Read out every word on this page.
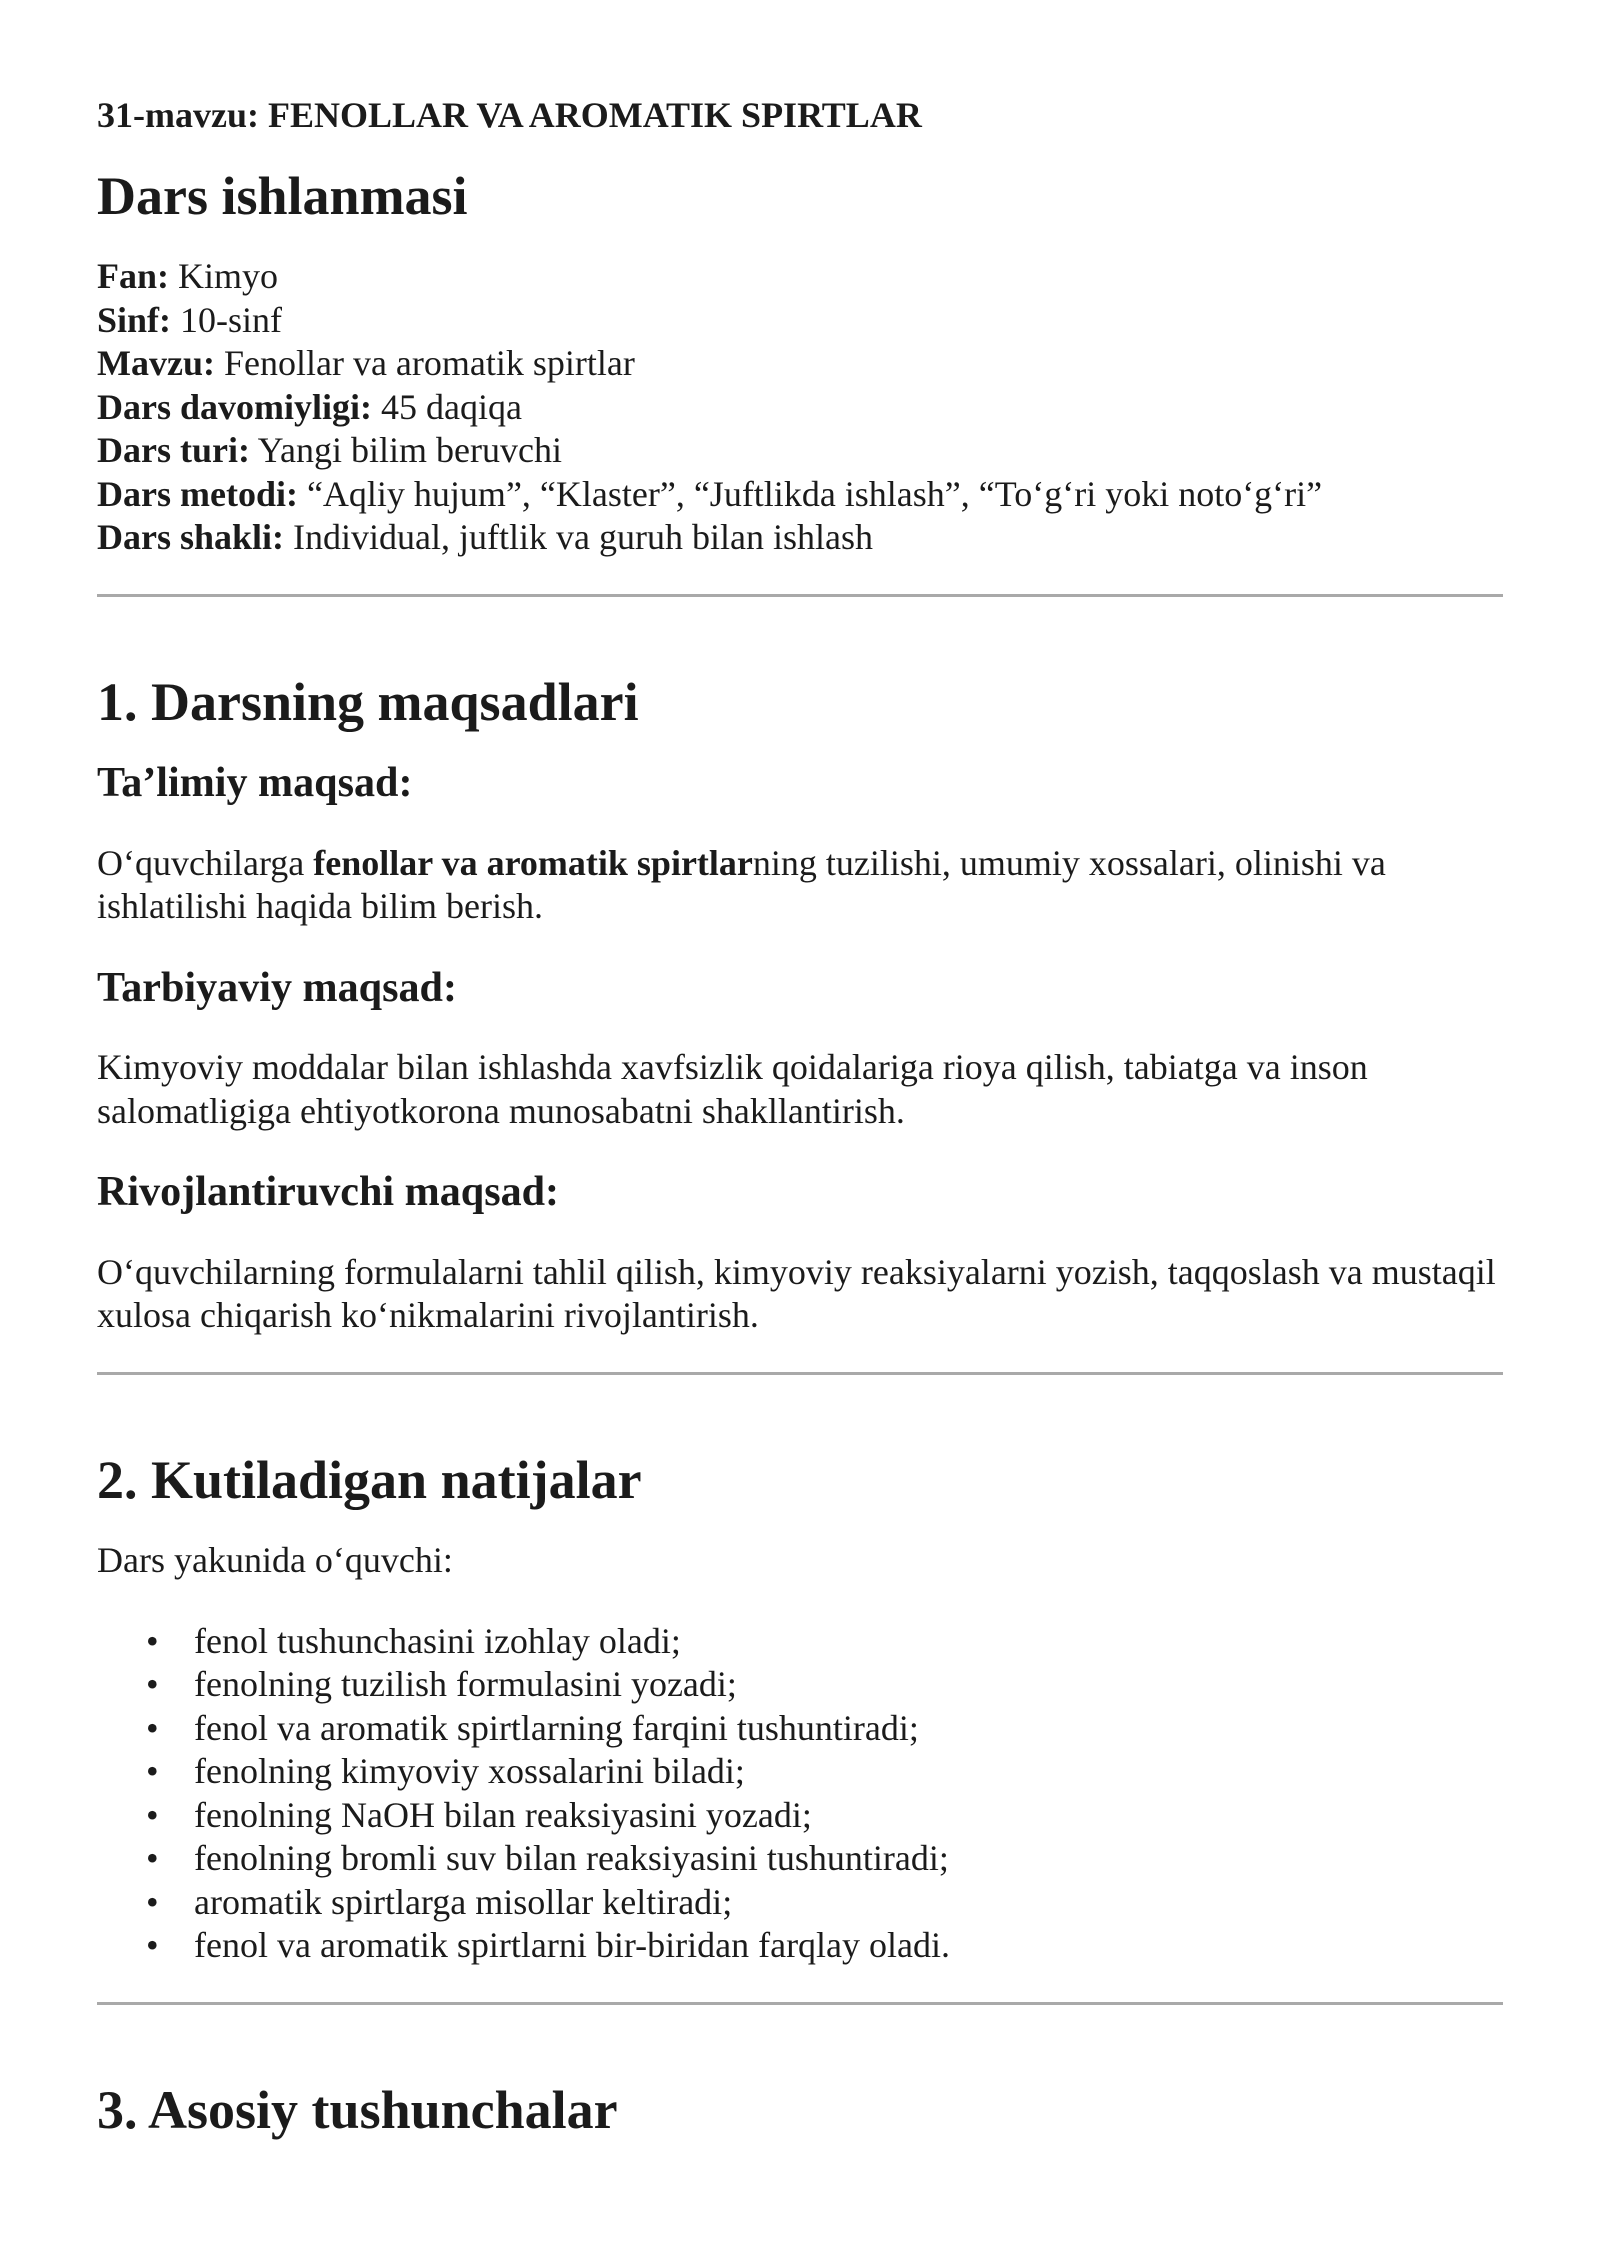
31-mavzu: FENOLLAR VA AROMATIK SPIRTLAR
Dars ishlanmasi
Fan: Kimyo
Sinf: 10-sinf
Mavzu: Fenollar va aromatik spirtlar
Dars davomiyligi: 45 daqiqa
Dars turi: Yangi bilim beruvchi
Dars metodi: “Aqliy hujum”, “Klaster”, “Juftlikda ishlash”, “To‘g‘ri yoki noto‘g‘ri”
Dars shakli: Individual, juftlik va guruh bilan ishlash
1. Darsning maqsadlari
Ta’limiy maqsad:

O‘quvchilarga fenollar va aromatik spirtlarning tuzilishi, umumiy xossalari, olinishi va ishlatilishi haqida bilim berish.

Tarbiyaviy maqsad:

Kimyoviy moddalar bilan ishlashda xavfsizlik qoidalariga rioya qilish, tabiatga va inson salomatligiga ehtiyotkorona munosabatni shakllantirish.

Rivojlantiruvchi maqsad:

O‘quvchilarning formulalarni tahlil qilish, kimyoviy reaksiyalarni yozish, taqqoslash va mustaqil xulosa chiqarish ko‘nikmalarini rivojlantirish.

2. Kutiladigan natijalar

Dars yakunida o‘quvchi:

• fenol tushunchasini izohlay oladi;
• fenolning tuzilish formulasini yozadi;
• fenol va aromatik spirtlarning farqini tushuntiradi;
• fenolning kimyoviy xossalarini biladi;
• fenolning NaOH bilan reaksiyasini yozadi;
• fenolning bromli suv bilan reaksiyasini tushuntiradi;
• aromatik spirtlarga misollar keltiradi;
• fenol va aromatik spirtlarni bir-biridan farqlay oladi.
3. Asosiy tushunchalar
